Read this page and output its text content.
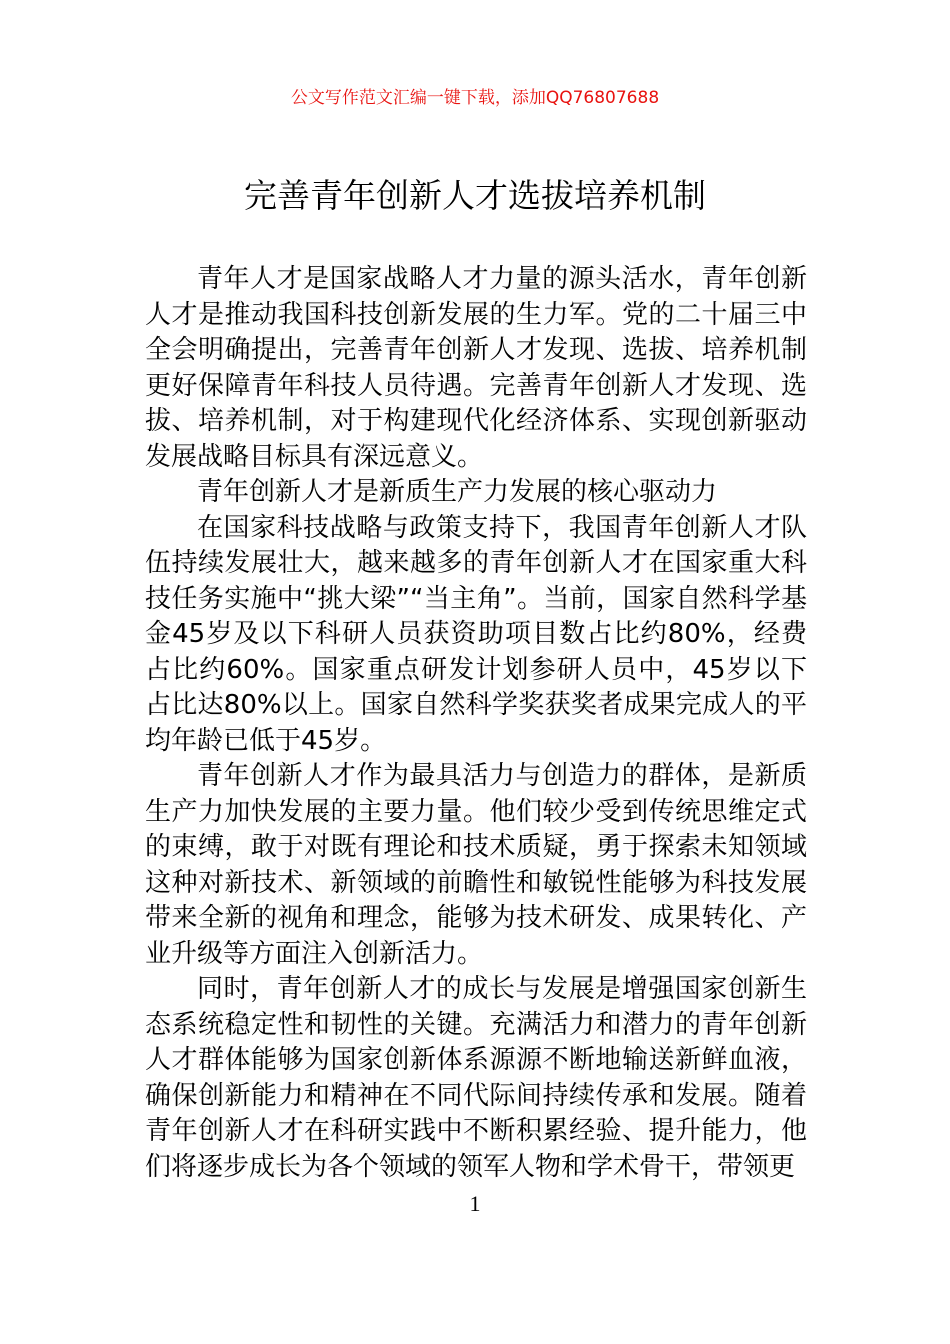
公文写作范文汇编一键下载，添加QQ76807688
完善青年创新人才选拔培养机制

青年人才是国家战略人才力量的源头活水，青年创新人才是推动我国科技创新发展的生力军。党的二十届三中全会明确提出，完善青年创新人才发现、选拔、培养机制更好保障青年科技人员待遇。完善青年创新人才发现、选拔、培养机制，对于构建现代化经济体系、实现创新驱动发展战略目标具有深远意义。

青年创新人才是新质生产力发展的核心驱动力

在国家科技战略与政策支持下，我国青年创新人才队伍持续发展壮大，越来越多的青年创新人才在国家重大科技任务实施中“挑大梁”“当主角”。当前，国家自然科学基金45岁及以下科研人员获资助项目数占比约80%，经费占比约60%。国家重点研发计划参研人员中，45岁以下占比达80%以上。国家自然科学奖获奖者成果完成人的平均年龄已低于45岁。

青年创新人才作为最具活力与创造力的群体，是新质生产力加快发展的主要力量。他们较少受到传统思维定式的束缚，敢于对既有理论和技术质疑，勇于探索未知领域这种对新技术、新领域的前瞻性和敏锐性能够为科技发展带来全新的视角和理念，能够为技术研发、成果转化、产业升级等方面注入创新活力。

同时，青年创新人才的成长与发展是增强国家创新生态系统稳定性和韧性的关键。充满活力和潜力的青年创新人才群体能够为国家创新体系源源不断地输送新鲜血液，确保创新能力和精神在不同代际间持续传承和发展。随着青年创新人才在科研实践中不断积累经验、提升能力，他们将逐步成长为各个领域的领军人物和学术骨干，带领更

1
